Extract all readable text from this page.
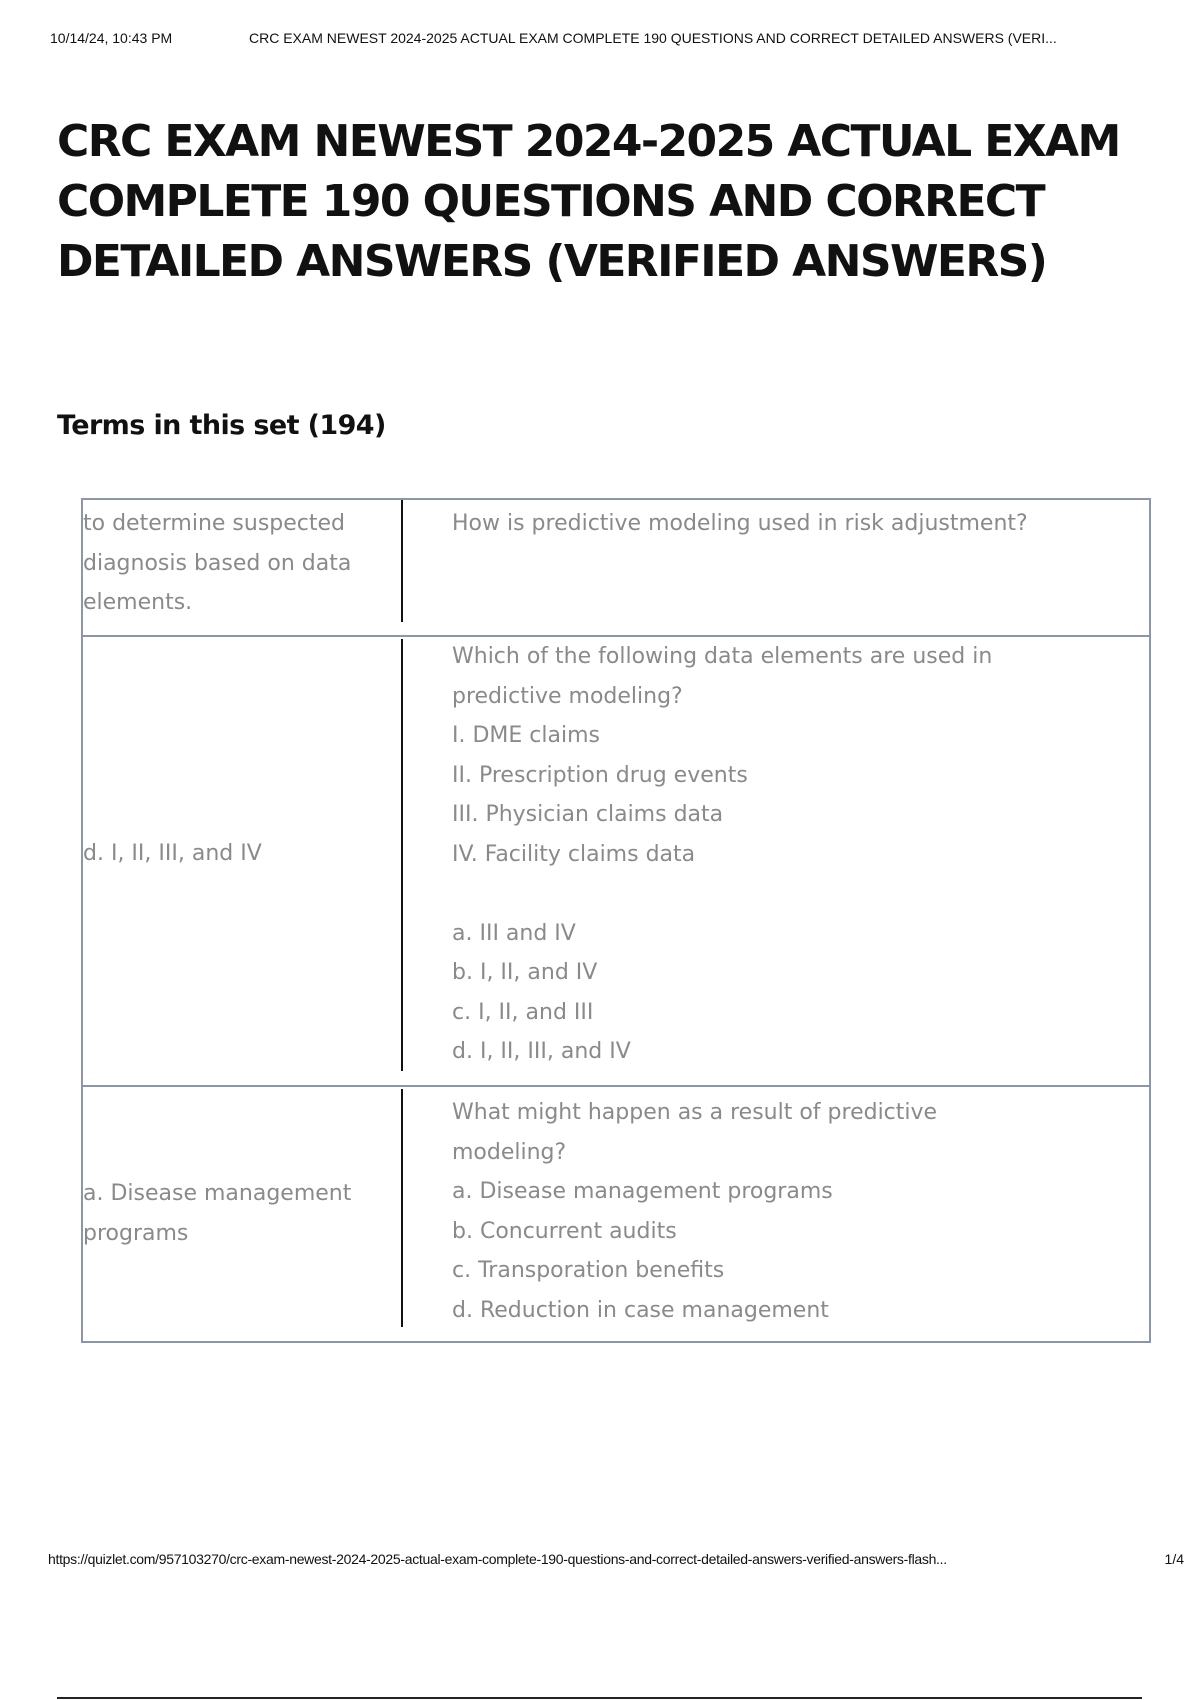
10/14/24, 10:43 PM	CRC EXAM NEWEST 2024-2025 ACTUAL EXAM COMPLETE 190 QUESTIONS AND CORRECT DETAILED ANSWERS (VERI...
CRC EXAM NEWEST 2024-2025 ACTUAL EXAM COMPLETE 190 QUESTIONS AND CORRECT DETAILED ANSWERS (VERIFIED ANSWERS)
Terms in this set (194)
to determine suspected diagnosis based on data elements.
How is predictive modeling used in risk adjustment?
d. I, II, III, and IV
Which of the following data elements are used in
predictive modeling?
I. DME claims
II. Prescription drug events
III. Physician claims data
IV. Facility claims data
a. III and IV
b. I, II, and IV
c. I, II, and III
d. I, II, III, and IV
a. Disease management programs
What might happen as a result of predictive
modeling?
a. Disease management programs
b. Concurrent audits
c. Transporation benefits
d. Reduction in case management
https://quizlet.com/957103270/crc-exam-newest-2024-2025-actual-exam-complete-190-questions-and-correct-detailed-answers-verified-answers-flash...	1/4
